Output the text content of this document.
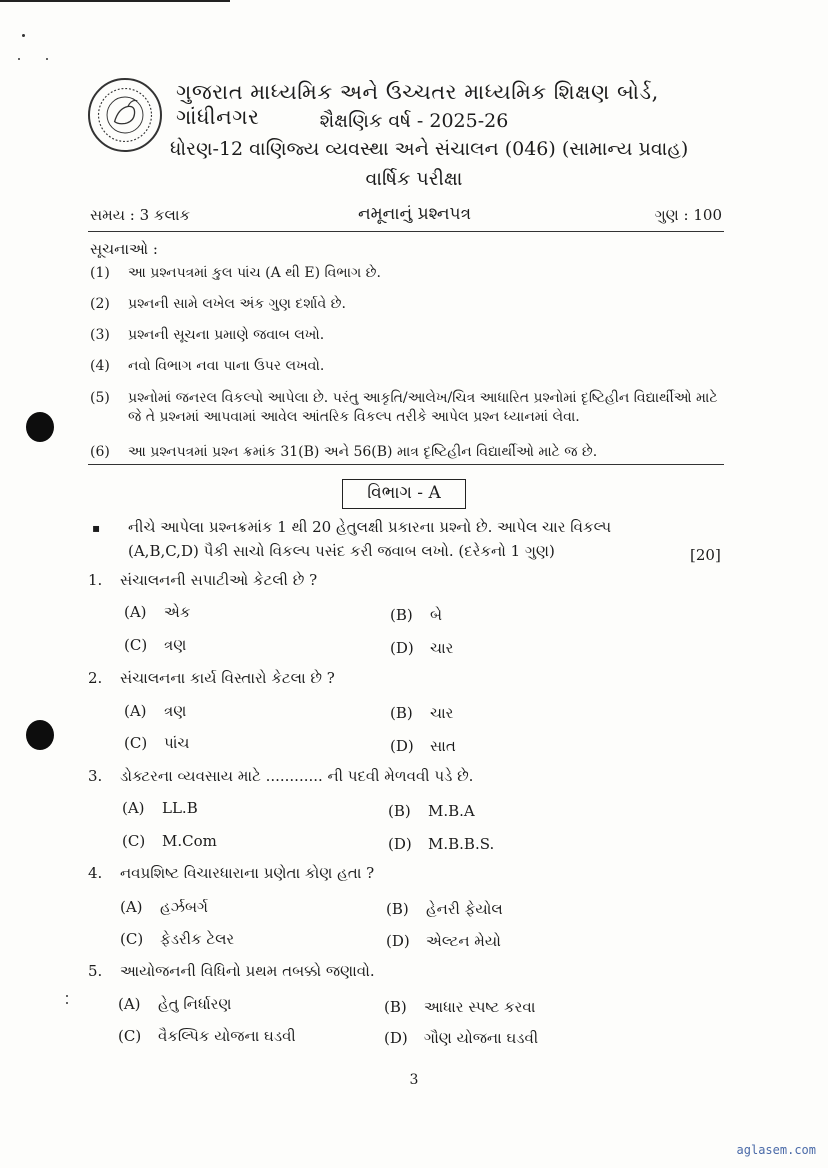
ગુજરાત માધ્યમિક અને ઉચ્ચતર માધ્યમિક શિક્ષણ બોર્ડ, ગાંધીનગર	શૈક્ષણિક વર્ષ - 2025-26
ધોરણ-12 વાણિજ્ય વ્યવસ્થા અને સંચાલન (046) (સામાન્ય પ્રવાહ)
વાર્ષિક પરીક્ષા
સમય : 3 કલાક	નમૂનાનું પ્રશ્નપત્ર	ગુણ : 100
સૂચનાઓ :
(1) આ પ્રશ્નપત્રમાં કુલ પાંચ (A થી E) વિભાગ છે.
(2) પ્રશ્નની સામે લખેલ અંક ગુણ દર્શાવે છે.
(3) પ્રશ્નની સૂચના પ્રમાણે જવાબ લખો.
(4) નવો વિભાગ નવા પાના ઉપર લખવો.
(5) પ્રશ્નોમાં જનરલ વિકલ્પો આપેલા છે. પરંતુ આકૃતિ/આલેખ/ચિત્ર આધારિત પ્રશ્નોમાં દૃષ્ટિહીન વિદ્યાર્થીઓ માટે જે તે પ્રશ્નમાં આપવામાં આવેલ આંતરિક વિકલ્પ તરીકે આપેલ પ્રશ્ન ધ્યાનમાં લેવા.
(6) આ પ્રશ્નપત્રમાં પ્રશ્ન ક્રમાંક 31(B) અને 56(B) માત્ર દૃષ્ટિહીન વિદ્યાર્થીઓ માટે જ છે.
વિભાગ - A
▪ નીચે આપેલા પ્રશ્નક્રમાંક 1 થી 20 હેતુલક્ષી પ્રકારના પ્રશ્નો છે. આપેલ ચાર વિકલ્પ
(A,B,C,D) પૈકી સાચો વિકલ્પ પસંદ કરી જવાબ લખો. (દરેકનો 1 ગુણ)	[20]
1. સંચાલનની સપાટીઓ કેટલી છે ?
(A) એક	(B) બે
(C) ત્રણ	(D) ચાર
2. સંચાલનના કાર્ય વિસ્તારો કેટલા છે ?
(A) ત્રણ	(B) ચાર
(C) પાંચ	(D) સાત
3. ડોક્ટરના વ્યવસાય માટે ............ ની પદવી મેળવવી પડે છે.
(A) LL.B	(B) M.B.A
(C) M.Com	(D) M.B.B.S.
4. નવપ્રશિષ્ટ વિચારધારાના પ્રણેતા કોણ હતા ?
(A) હર્ઝબર્ગ	(B) હેનરી ફેયોલ
(C) ફેડરીક ટેલર	(D) એલ્ટન મેયો
5. આયોજનની વિધિનો પ્રથમ તબક્કો જણાવો.
(A) હેતુ નિર્ધારણ	(B) આધાર સ્પષ્ટ કરવા
(C) વૈકલ્પિક યોજના ઘડવી	(D) ગૌણ યોજના ઘડવી
3
aglasem.com
